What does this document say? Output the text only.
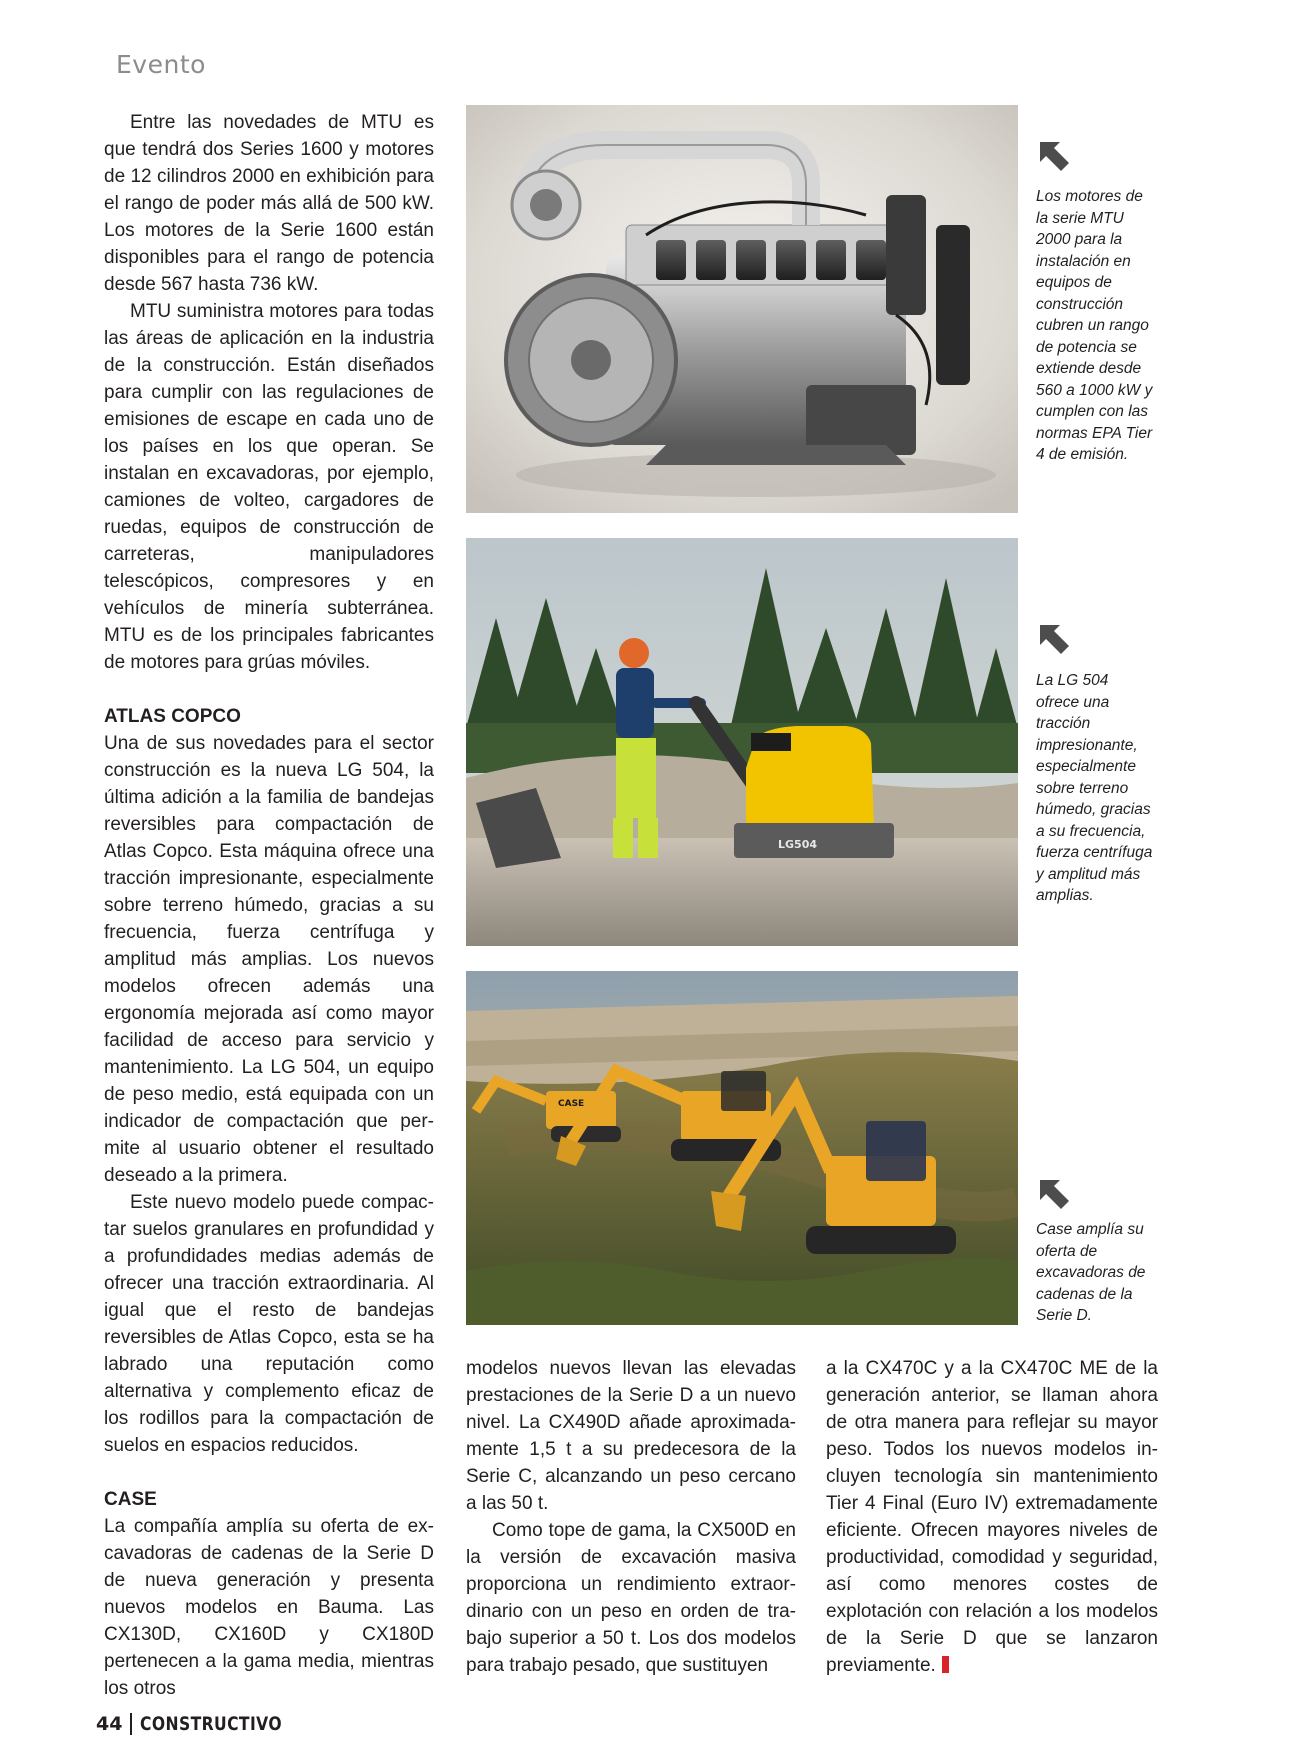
Evento

Entre las novedades de MTU es que tendrá dos Series 1600 y motores de 12 cilindros 2000 en exhibición para el rango de poder más allá de 500 kW. Los motores de la Serie 1600 están disponibles para el rango de potencia desde 567 hasta 736 kW.

MTU suministra motores para todas las áreas de aplicación en la industria de la construcción. Están diseñados para cumplir con las regulaciones de emisiones de escape en cada uno de los países en los que operan. Se instalan en excavadoras, por ejemplo, camiones de volteo, cargadores de ruedas, equipos de construcción de carreteras, manipuladores telescópicos, compresores y en vehículos de minería subterránea. MTU es de los principales fabricantes de motores para grúas móviles.

ATLAS COPCO

Una de sus novedades para el sector construcción es la nueva LG 504, la última adición a la familia de bandejas reversibles para compactación de Atlas Copco. Esta máquina ofrece una tracción impresionante, especialmente sobre terreno húmedo, gracias a su frecuencia, fuerza centrífuga y amplitud más amplias. Los nuevos modelos ofrecen además una ergonomía mejorada así como mayor facilidad de acceso para servicio y mantenimiento. La LG 504, un equipo de peso medio, está equipada con un indicador de compactación que permite al usuario obtener el resultado deseado a la primera.

Este nuevo modelo puede compactar suelos granulares en profundidad y a profundidades medias además de ofrecer una tracción extraordinaria. Al igual que el resto de bandejas reversibles de Atlas Copco, esta se ha labrado una reputación como alternativa y complemento eficaz de los rodillos para la compactación de suelos en espacios reducidos.

CASE

La compañía amplía su oferta de excavadoras de cadenas de la Serie D de nueva generación y presenta nuevos modelos en Bauma. Las CX130D, CX160D y CX180D pertenecen a la gama media, mientras los otros

Los motores de la serie MTU 2000 para la instalación en equipos de construcción cubren un rango de potencia se extiende desde 560 a 1000 kW y cumplen con las normas EPA Tier 4 de emisión.
LG504
La LG 504 ofrece una tracción impresionante, especialmente sobre terreno húmedo, gracias a su frecuencia, fuerza centrífuga y amplitud más amplias.
CASE
Case amplía su oferta de excavadoras de cadenas de la Serie D.

modelos nuevos llevan las elevadas prestaciones de la Serie D a un nuevo nivel. La CX490D añade aproximadamente 1,5 t a su predecesora de la Serie C, alcanzando un peso cercano a las 50 t.

Como tope de gama, la CX500D en la versión de excavación masiva proporciona un rendimiento extraordinario con un peso en orden de trabajo superior a 50 t. Los dos modelos para trabajo pesado, que sustituyen

a la CX470C y a la CX470C ME de la generación anterior, se llaman ahora de otra manera para reflejar su mayor peso. Todos los nuevos modelos incluyen tecnología sin mantenimiento Tier 4 Final (Euro IV) extremadamente eficiente. Ofrecen mayores niveles de productividad, comodidad y seguridad, así como menores costes de explotación con relación a los modelos de la Serie D que se lanzaron previamente.

44 CONSTRUCTIVO
